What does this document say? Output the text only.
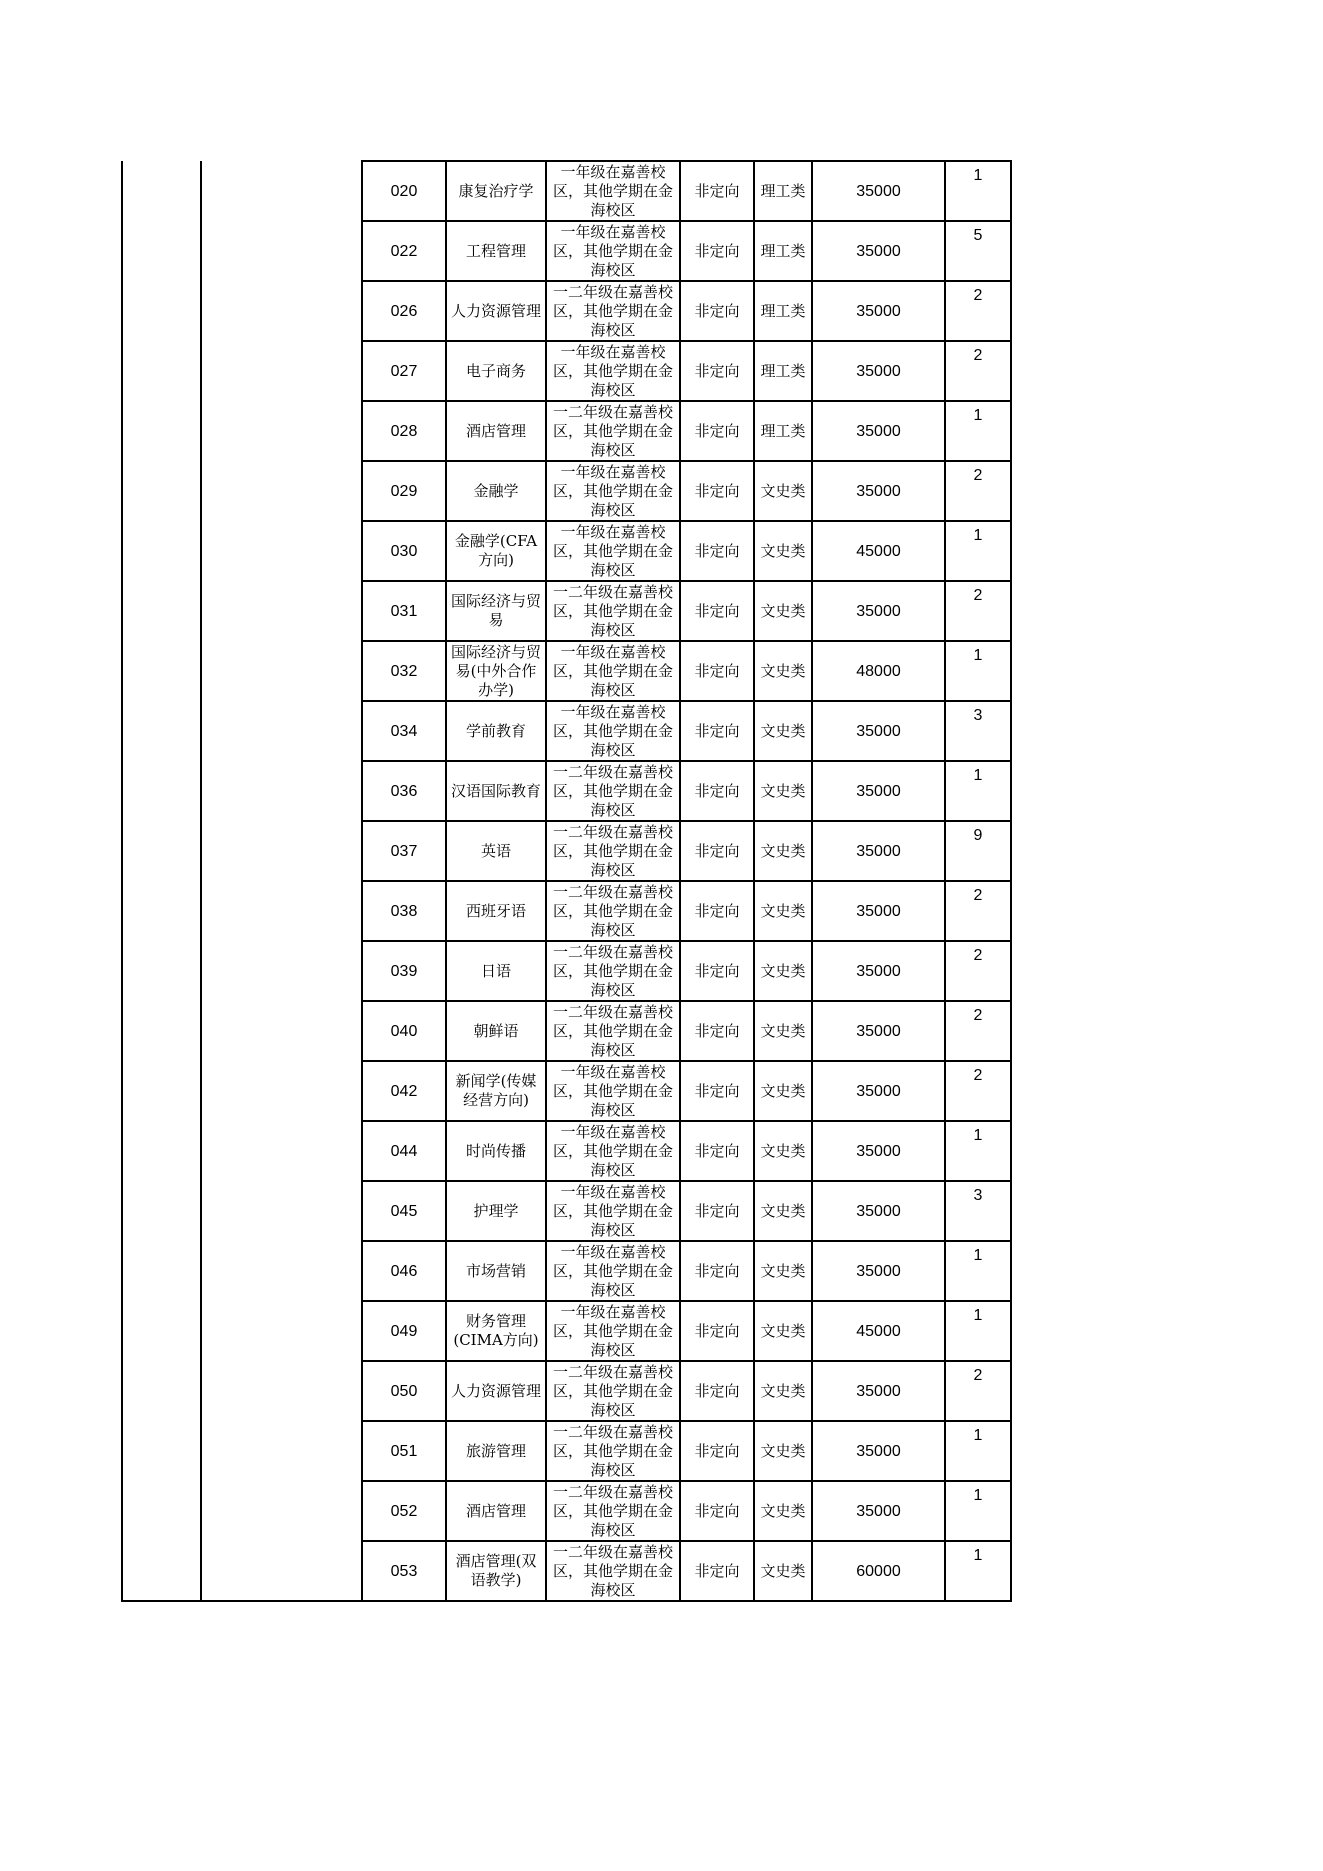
		020	康复治疗学	一年级在嘉善校区，其他学期在金海校区	非定向	理工类	35000	1
		022	工程管理	一年级在嘉善校区，其他学期在金海校区	非定向	理工类	35000	5
		026	人力资源管理	一二年级在嘉善校区，其他学期在金海校区	非定向	理工类	35000	2
		027	电子商务	一年级在嘉善校区，其他学期在金海校区	非定向	理工类	35000	2
		028	酒店管理	一二年级在嘉善校区，其他学期在金海校区	非定向	理工类	35000	1
		029	金融学	一年级在嘉善校区，其他学期在金海校区	非定向	文史类	35000	2
		030	金融学(CFA方向)	一年级在嘉善校区，其他学期在金海校区	非定向	文史类	45000	1
		031	国际经济与贸易	一二年级在嘉善校区，其他学期在金海校区	非定向	文史类	35000	2
		032	国际经济与贸易(中外合作办学)	一年级在嘉善校区，其他学期在金海校区	非定向	文史类	48000	1
		034	学前教育	一年级在嘉善校区，其他学期在金海校区	非定向	文史类	35000	3
		036	汉语国际教育	一二年级在嘉善校区，其他学期在金海校区	非定向	文史类	35000	1
		037	英语	一二年级在嘉善校区，其他学期在金海校区	非定向	文史类	35000	9
		038	西班牙语	一二年级在嘉善校区，其他学期在金海校区	非定向	文史类	35000	2
		039	日语	一二年级在嘉善校区，其他学期在金海校区	非定向	文史类	35000	2
		040	朝鲜语	一二年级在嘉善校区，其他学期在金海校区	非定向	文史类	35000	2
		042	新闻学(传媒经营方向)	一年级在嘉善校区，其他学期在金海校区	非定向	文史类	35000	2
		044	时尚传播	一年级在嘉善校区，其他学期在金海校区	非定向	文史类	35000	1
		045	护理学	一年级在嘉善校区，其他学期在金海校区	非定向	文史类	35000	3
		046	市场营销	一年级在嘉善校区，其他学期在金海校区	非定向	文史类	35000	1
		049	财务管理(CIMA方向)	一年级在嘉善校区，其他学期在金海校区	非定向	文史类	45000	1
		050	人力资源管理	一二年级在嘉善校区，其他学期在金海校区	非定向	文史类	35000	2
		051	旅游管理	一二年级在嘉善校区，其他学期在金海校区	非定向	文史类	35000	1
		052	酒店管理	一二年级在嘉善校区，其他学期在金海校区	非定向	文史类	35000	1
		053	酒店管理(双语教学)	一二年级在嘉善校区，其他学期在金海校区	非定向	文史类	60000	1
